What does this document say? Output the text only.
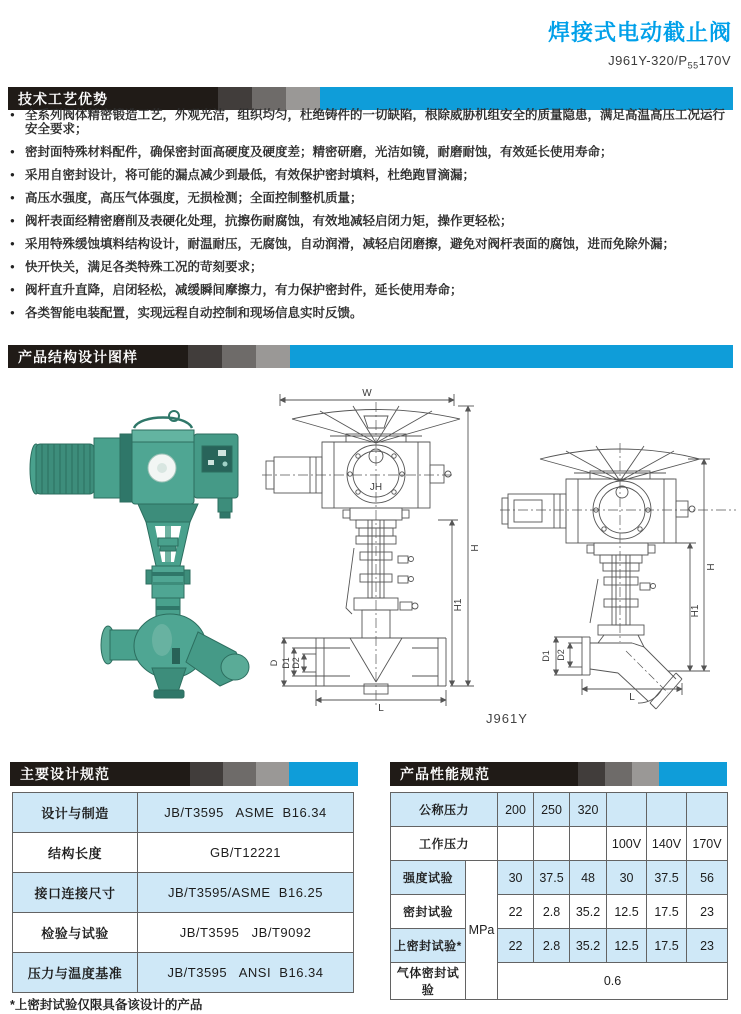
焊接式电动截止阀
$J961Y-320/P_{55}170V$
技术工艺优势
● 全系列阀体精密锻造工艺，外观光洁，组织均匀，杜绝铸件的一切缺陷，根除威胁机组安全的质量隐患，满足高温高压工况运行安全要求；
● 密封面特殊材料配件，确保密封面高硬度及硬度差；精密研磨，光洁如镜，耐磨耐蚀，有效延长使用寿命；
● 采用自密封设计，将可能的漏点减少到最低，有效保护密封填料，杜绝跑冒滴漏；
● 高压水强度，高压气体强度，无损检测；全面控制整机质量；
● 阀杆表面经精密磨削及表硬化处理，抗擦伤耐腐蚀，有效地减轻启闭力矩，操作更轻松；
● 采用特殊缓蚀填料结构设计，耐温耐压，无腐蚀，自动润滑，减轻启闭磨擦，避免对阀杆表面的腐蚀，进而免除外漏；
● 快开快关，满足各类特殊工况的苛刻要求；
● 阀杆直升直降，启闭轻松，减缓瞬间摩擦力，有力保护密封件，延长使用寿命；
● 各类智能电装配置，实现远程自动控制和现场信息实时反馈。
产品结构设计图样
W
JH
H
H1
D D1 D2
L
H
H1
D1 D2
L
J961Y
主要设计规范	产品性能规范
设计与制造	JB/T3595   ASME  B16.34
结构长度	GB/T12221
接口连接尺寸	JB/T3595/ASME  B16.25
检验与试验	JB/T3595   JB/T9092
压力与温度基准	JB/T3595   ANSI  B16.34
公称压力		200	250	320			
工作压力					100V	140V	170V
强度试验	MPa	30	37.5	48	30	37.5	56
密封试验		22	2.8	35.2	12.5	17.5	23
上密封试验*		22	2.8	35.2	12.5	17.5	23
气体密封试验		0.6					
*上密封试验仅限具备该设计的产品
